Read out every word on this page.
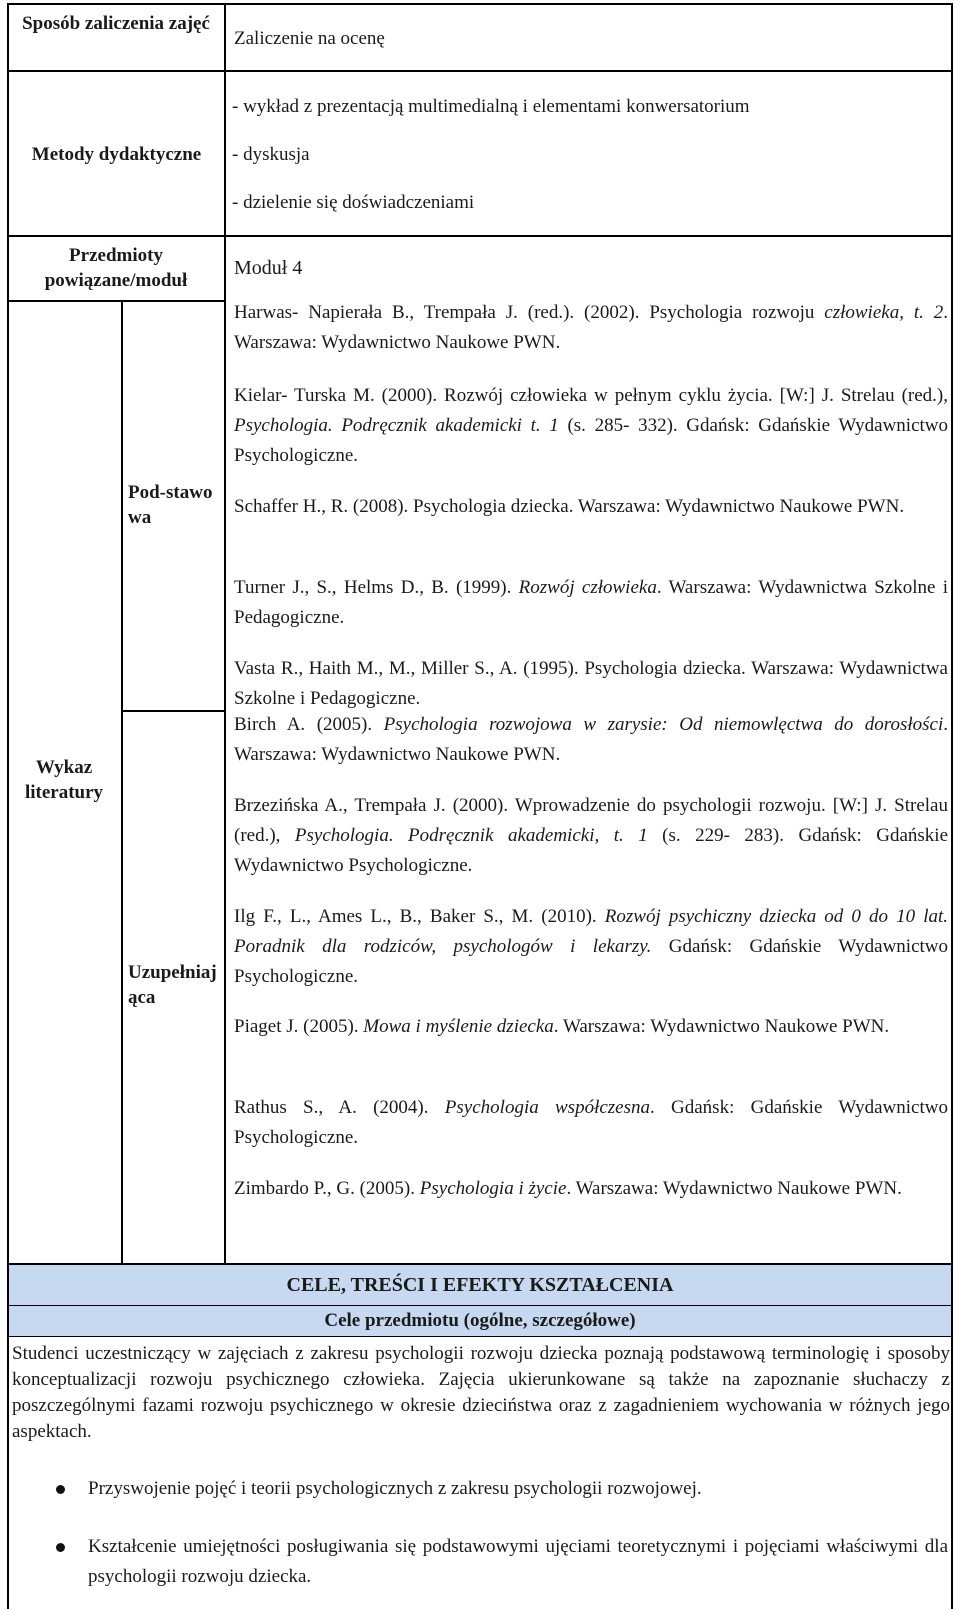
Sposób zaliczenia zajęć
Zaliczenie na ocenę
Metody dydaktyczne
- wykład z prezentacją multimedialną i elementami konwersatorium
- dyskusja
- dzielenie się doświadczeniami
Przedmioty powiązane/moduł
Moduł 4
Wykaz literatury
Pod-stawowa
Uzupełniająca
Harwas- Napierała B., Trempała J. (red.). (2002). Psychologia rozwoju człowieka, t. 2. Warszawa: Wydawnictwo Naukowe PWN.
Kielar- Turska M. (2000). Rozwój człowieka w pełnym cyklu życia. [W:] J. Strelau (red.), Psychologia. Podręcznik akademicki t. 1 (s. 285- 332). Gdańsk: Gdańskie Wydawnictwo Psychologiczne.
Schaffer H., R. (2008). Psychologia dziecka. Warszawa: Wydawnictwo Naukowe PWN.
Turner J., S., Helms D., B. (1999). Rozwój człowieka. Warszawa: Wydawnictwa Szkolne i Pedagogiczne.
Vasta R., Haith M., M., Miller S., A. (1995). Psychologia dziecka. Warszawa: Wydawnictwa Szkolne i Pedagogiczne.
Birch A. (2005). Psychologia rozwojowa w zarysie: Od niemowlęctwa do dorosłości. Warszawa: Wydawnictwo Naukowe PWN.
Brzezińska A., Trempała J. (2000). Wprowadzenie do psychologii rozwoju. [W:] J. Strelau (red.), Psychologia. Podręcznik akademicki, t. 1 (s. 229- 283). Gdańsk: Gdańskie Wydawnictwo Psychologiczne.
Ilg F., L., Ames L., B., Baker S., M. (2010). Rozwój psychiczny dziecka od 0 do 10 lat. Poradnik dla rodziców, psychologów i lekarzy. Gdańsk: Gdańskie Wydawnictwo Psychologiczne.
Piaget J. (2005). Mowa i myślenie dziecka. Warszawa: Wydawnictwo Naukowe PWN.
Rathus S., A. (2004). Psychologia współczesna. Gdańsk: Gdańskie Wydawnictwo Psychologiczne.
Zimbardo P., G. (2005). Psychologia i życie. Warszawa: Wydawnictwo Naukowe PWN.
CELE, TREŚCI I EFEKTY KSZTAŁCENIA
Cele przedmiotu (ogólne, szczegółowe)
Studenci uczestniczący w zajęciach z zakresu psychologii rozwoju dziecka poznają podstawową terminologię i sposoby konceptualizacji rozwoju psychicznego człowieka. Zajęcia ukierunkowane są także na zapoznanie słuchaczy z poszczególnymi fazami rozwoju psychicznego w okresie dzieciństwa oraz z zagadnieniem wychowania w różnych jego aspektach.
Przyswojenie pojęć i teorii psychologicznych z zakresu psychologii rozwojowej.
Kształcenie umiejętności posługiwania się podstawowymi ujęciami teoretycznymi i pojęciami właściwymi dla psychologii rozwoju dziecka.
